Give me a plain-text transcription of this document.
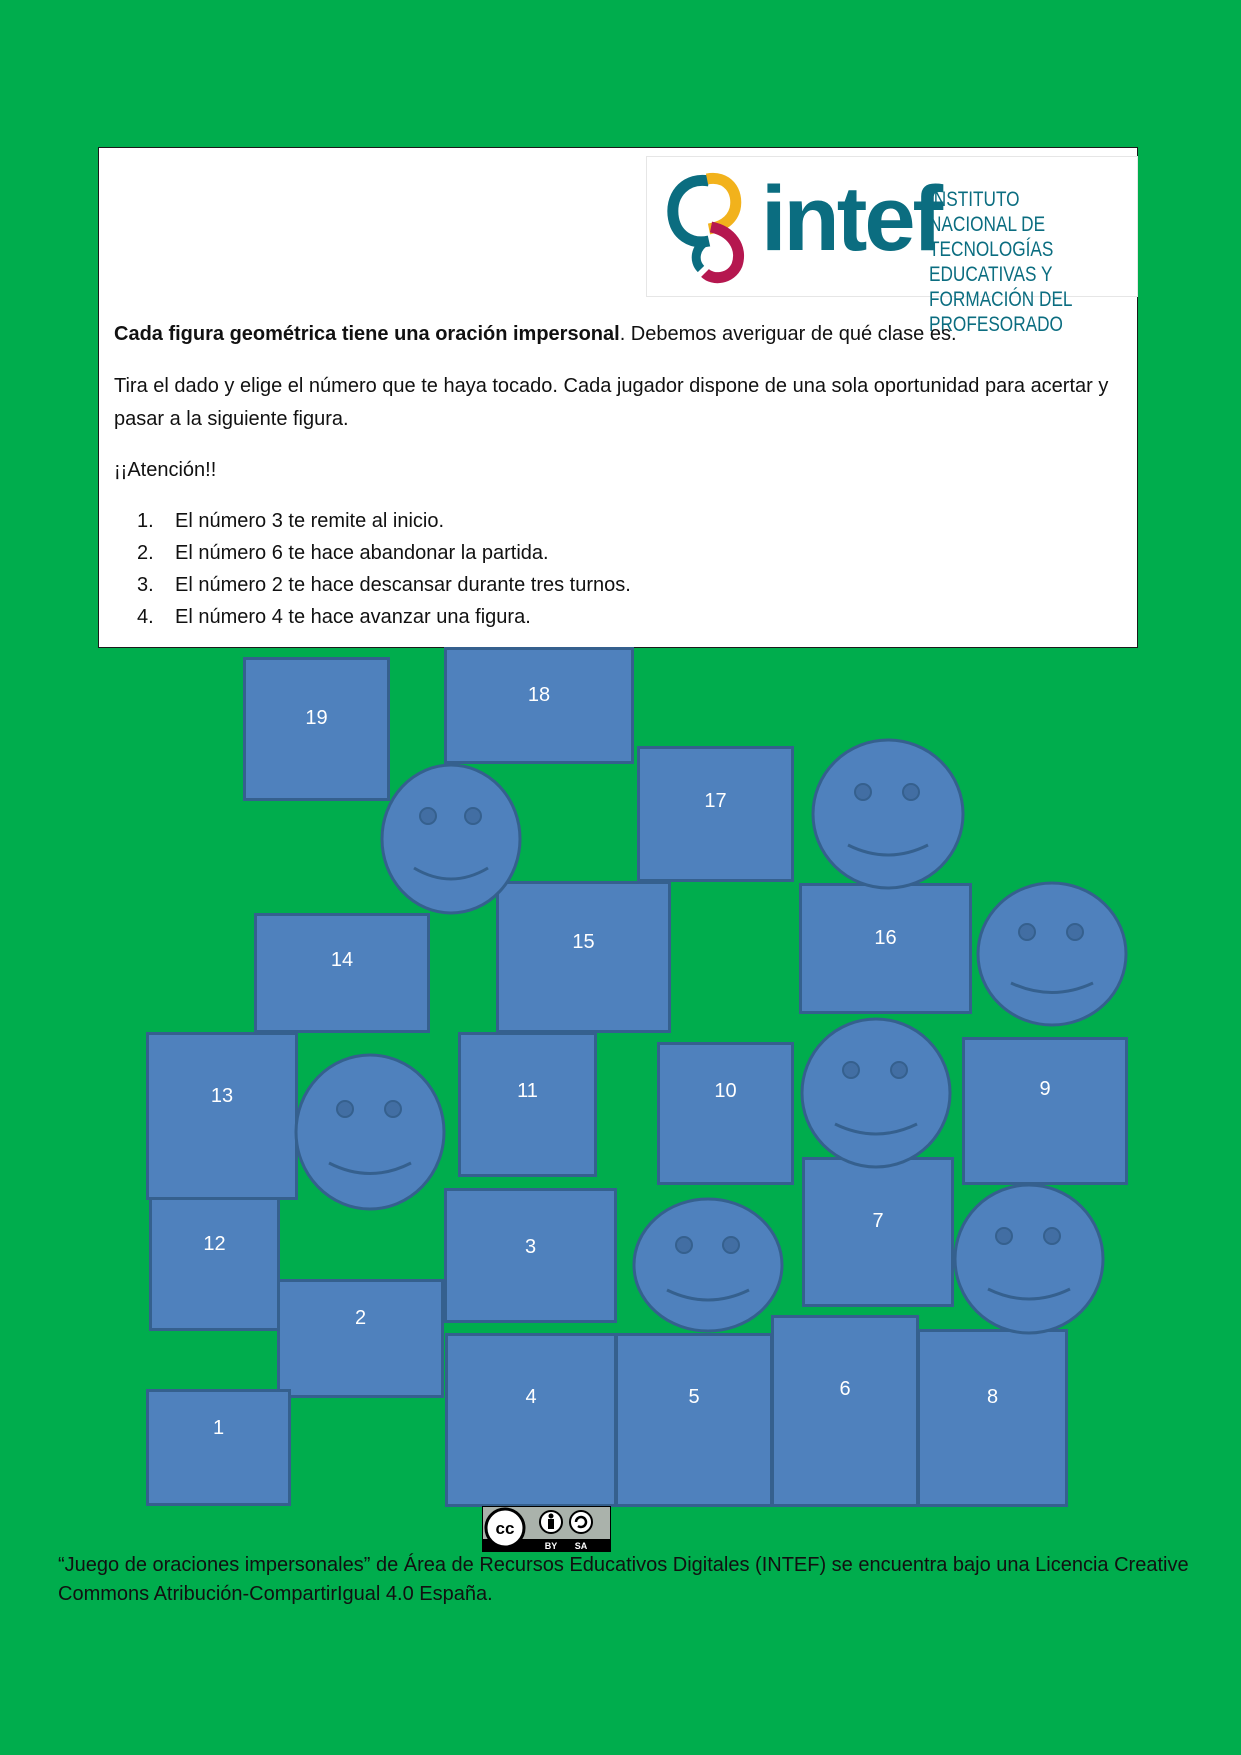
intef
INSTITUTO NACIONAL DE
TECNOLOGÍAS EDUCATIVAS Y
FORMACIÓN DEL PROFESORADO
Cada figura geométrica tiene una oración impersonal. Debemos averiguar de qué clase es.
Tira el dado y elige el número que te haya tocado. Cada jugador dispone de una sola oportunidad para acertar y pasar a la siguiente figura.
¡¡Atención!!
1.	El número 3 te remite al inicio.
2.	El número 6 te hace abandonar la partida.
3.	El número 2 te hace descansar durante tres turnos.
4.	El número 4 te hace avanzar una figura.
19
18
17
15
14
16
13	11	10	9
12	3
7
2
1
4	5	6	8
cc
BY SA
“Juego de oraciones impersonales” de Área de Recursos Educativos Digitales (INTEF) se encuentra bajo una Licencia Creative Commons Atribución-CompartirIgual 4.0 España.
